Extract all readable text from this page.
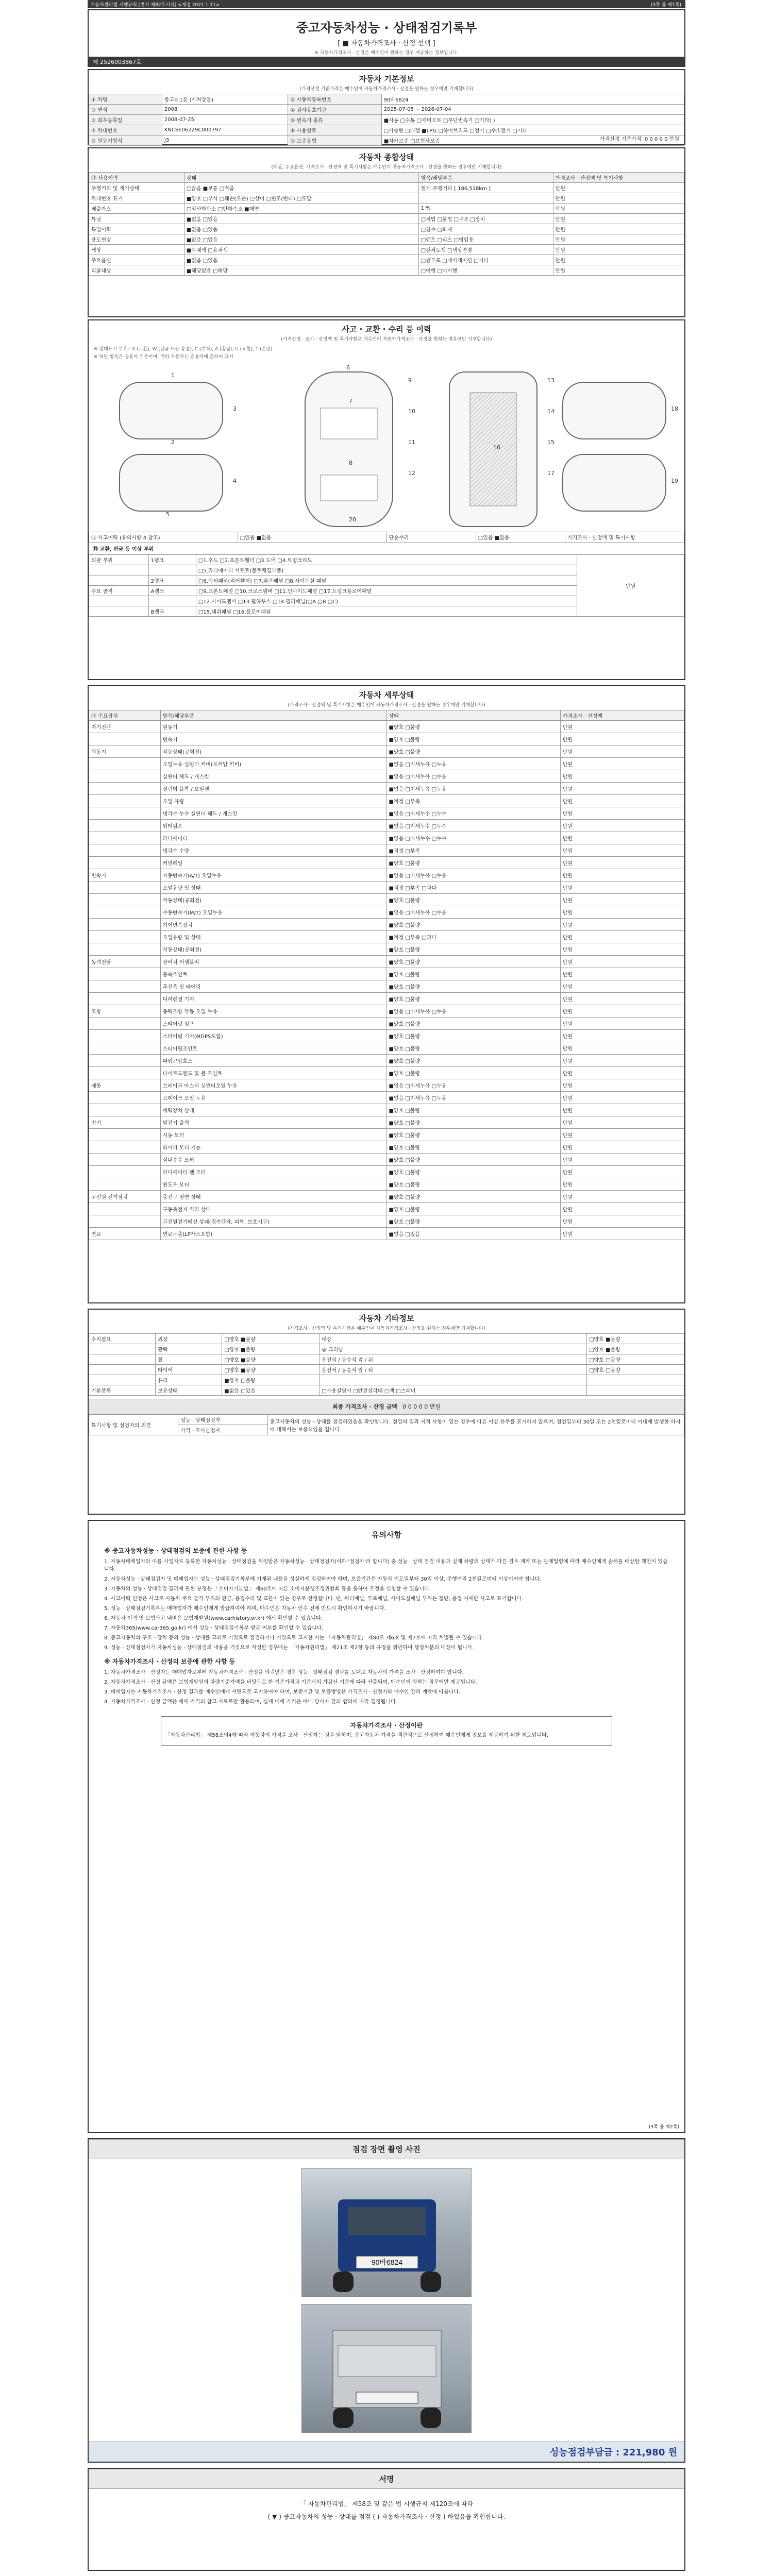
자동차관리법 시행규칙 [별지 제82호서식] <개정 2021.1.11>	(3쪽 중 제1쪽)
중고자동차성능 · 상태점검기록부
[ ■ 자동차가격조사 · 산정 선택 ]
※ 자동차가격조사 · 산정은 매수인이 원하는 경우 제공하는 정보입니다.
제 2526003867호
자동차 기본정보
(가격산정 기준가격은 매수인이 자동차가격조사 · 산정을 원하는 경우에만 기재합니다)
① 차명	봉고Ⅲ 1톤 (카쳐장물)	② 자동차등록번호	90바6824
③ 연식	2008	④ 검사유효기간	2025-07-05 ~ 2026-07-04
⑤ 최초등록일	2008-07-25	⑥ 변속기 종류	■자동 □수동 □세미오토 □무단변속기 □기타( )
⑦ 차대번호	KNCSE06229C000797	⑧ 사용연료	□가솔린 □디젤 ■LPG □하이브리드 □전기 □수소전기 □기타
⑨ 원동기형식	J3	⑩ 보증유형	■자가보증 □보험사보증	가격산정 기준가격 0 0 0 0 0 만원
자동차 종합상태
(색상, 주요옵션, 가격조사 · 산정액 및 특기사항은 매수인이 자동차가격조사 · 산정을 원하는 경우에만 기재합니다)
⑪ 사용이력	상태	항목/해당부품	가격조사 · 산정액 및 특기사항
주행거리 및 계기상태	□많음 ■보통 □적음	현재 주행거리 [ 186,518km ]	만원
차대번호 표기	■양호 □부식 □훼손(오손) □상이 □변조(변타) □도말		만원
배출가스	□일산화탄소 □탄화수소 ■매연	1 %	만원
튜닝	■없음 □있음	□적법 □불법 □구조 □장치	만원
특별이력	■없음 □있음	□침수 □화재	만원
용도변경	■없음 □있음	□렌트 □리스 □영업용	만원
색상	■무채색 □유채색	□전체도색 □색상변경	만원
주요옵션	■없음 □있음	□썬루프 □네비게이션 □기타	만원
리콜대상	■해당없음 □해당	□이행 □미이행	만원
사고 · 교환 · 수리 등 이력
(가격산정 · 조사 · 산정액 및 특기사항은 매수인이 자동차가격조사 · 산정을 원하는 경우에만 기재합니다)
※ 상태표시 부호 : X (교환), W (판금 또는 용접), C (부식), A (흠집), U (요철), T (손상)
※ 하단 항목은 승용차 기준이며, 기타 자동차는 승용차에 준하여 표시
1
2
3
4
5
6
7
8
9
10
11
12
13
14
15
16
17
18
19
20
⑫ 사고이력 (유의사항 4 참조)	□있음 ■없음	단순수리	□있음 ■없음	가격조사 · 산정액 및 특기사항
⑬ 교환, 판금 등 이상 부위
외판 부위	1랭크	□1.후드 □2.프론트휀더 □3.도어 □4.트렁크리드	만원
		□5.라디에이터 서포트(볼트체결부품)	
	2랭크	□6.쿼터패널(리어휀더) □7.루프패널 □8.사이드실 패널	
주요 골격	A랭크	□9.프론트패널 □10.크로스멤버 □11.인사이드패널 □17.트렁크플로어패널	
		□12.사이드멤버 □13.휠하우스 □14.필러패널(□A □B □C)	
	B랭크	□15.대쉬패널 □16.플로어패널	
자동차 세부상태
(가격조사 · 산정액 및 특기사항은 매수인이 자동차가격조사 · 산정을 원하는 경우에만 기재합니다)
⑭ 주요장치	항목/해당부품	상태	가격조사 · 산정액
자기진단	원동기	■양호 □불량	만원
	변속기	■양호 □불량	만원
원동기	작동상태(공회전)	■양호 □불량	만원
	오일누유 실린더 커버(로커암 커버)	■없음 □미세누유 □누유	만원
	실린더 헤드 / 개스킷	■없음 □미세누유 □누유	만원
	실린더 블록 / 오일팬	■없음 □미세누유 □누유	만원
	오일 유량	■적정 □부족	만원
	냉각수 누수 실린더 헤드 / 개스킷	■없음 □미세누수 □누수	만원
	워터펌프	■없음 □미세누수 □누수	만원
	라디에이터	■없음 □미세누수 □누수	만원
	냉각수 수량	■적정 □부족	만원
	커먼레일	■양호 □불량	만원
변속기	자동변속기(A/T) 오일누유	■없음 □미세누유 □누유	만원
	오일유량 및 상태	■적정 □부족 □과다	만원
	작동상태(공회전)	■양호 □불량	만원
	수동변속기(M/T) 오일누유	■없음 □미세누유 □누유	만원
	기어변속장치	■양호 □불량	만원
	오일유량 및 상태	■적정 □부족 □과다	만원
	작동상태(공회전)	■양호 □불량	만원
동력전달	클러치 어셈블리	■양호 □불량	만원
	등속조인트	■양호 □불량	만원
	추진축 및 베어링	■양호 □불량	만원
	디퍼렌셜 기어	■양호 □불량	만원
조향	동력조향 작동 오일 누유	■없음 □미세누유 □누유	만원
	스티어링 펌프	■양호 □불량	만원
	스티어링 기어(MDPS포함)	■양호 □불량	만원
	스티어링조인트	■양호 □불량	만원
	파워고압호스	■양호 □불량	만원
	타이로드엔드 및 볼 조인트	■양호 □불량	만원
제동	브레이크 마스터 실린더오일 누유	■없음 □미세누유 □누유	만원
	브레이크 오일 누유	■없음 □미세누유 □누유	만원
	배력장치 상태	■양호 □불량	만원
전기	발전기 출력	■양호 □불량	만원
	시동 모터	■양호 □불량	만원
	와이퍼 모터 기능	■양호 □불량	만원
	실내송풍 모터	■양호 □불량	만원
	라디에이터 팬 모터	■양호 □불량	만원
	윈도우 모터	■양호 □불량	만원
고전원 전기장치	충전구 절연 상태	■양호 □불량	만원
	구동축전지 격리 상태	■양호 □불량	만원
	고전원전기배선 상태(접속단자, 피복, 보호기구)	■양호 □불량	만원
연료	연료누출(LP가스포함)	■없음 □있음	만원
자동차 기타정보
(가격조사 · 산정액 및 특기사항은 매수인이 자동차가격조사 · 산정을 원하는 경우에만 기재합니다)
수리필요	외장	□양호 ■불량	내장	□양호 ■불량
	광택	□양호 ■불량	룸 크리닝	□양호 ■불량
	휠	□양호 ■불량	운전석 / 동승석 앞 / 뒤	□양호 □불량
	타이어	□양호 ■불량	운전석 / 동승석 앞 / 뒤	□양호 □불량
	유리	■양호 □불량		
기본품목	보유상태	■없음 □있음	□사용설명서 □안전삼각대 □잭 □스패너	
최종 가격조사 · 산정 금액 0 0 0 0 0 만원
특기사항 및 점검자의 의견	성능 · 상태점검자	중고자동차의 성능 · 상태를 점검하였음을 확인합니다. 점검의 결과 지적 사항이 없는 경우에 다른 이상 유무를 표시하지 않으며, 점검일부터 30일 또는 2천킬로미터 이내에 발생한 하자에 대해서는 보증책임을 집니다.
가격 · 조사산정자
유의사항
※ 중고자동차성능 · 상태점검의 보증에 관한 사항 등

1. 자동차매매업자와 이를 사업자로 등록한 자동차성능 · 상태점검을 위임받은 자동차성능 · 상태점검자(이하 '점검자'라 합니다) 중 성능 · 상태 점검 내용과 실제 차량의 상태가 다른 경우 계약 또는 관계법령에 따라 매수인에게 손해를 배상할 책임이 있습니다.

2. 자동차성능 · 상태점검자 및 매매업자는 성능 · 상태점검기록부에 기재된 내용을 성실하게 점검하여야 하며, 보증기간은 자동차 인도일부터 30일 이상, 주행거리 2천킬로미터 이상이어야 합니다.

3. 자동차의 성능 · 상태점검 결과에 관한 분쟁은 「소비자기본법」 제60조에 따른 소비자분쟁조정위원회 등을 통하여 조정을 신청할 수 있습니다.

4. 사고이력 인정은 사고로 자동차 주요 골격 부위의 판금, 용접수리 및 교환이 있는 경우로 한정합니다. 단, 쿼터패널, 루프패널, 사이드실패널 부위는 절단, 용접 시에만 사고로 표기합니다.

5. 성능 · 상태점검기록부는 매매업자가 매수인에게 발급하여야 하며, 매수인은 자동차 인수 전에 반드시 확인하시기 바랍니다.

6. 자동차 이력 및 보험사고 내역은 보험개발원(www.carhistory.or.kr) 에서 확인할 수 있습니다.

7. 자동차365(www.car365.go.kr) 에서 성능 · 상태점검기록부 발급 여부를 확인할 수 있습니다.

8. 중고자동차의 구조 · 장치 등의 성능 · 상태를 고의로 거짓으로 점검하거나 거짓으로 고지한 자는 「자동차관리법」 제80조 제6호 및 제7호에 따라 처벌될 수 있습니다.

9. 성능 · 상태점검자가 자동차성능 · 상태점검의 내용을 거짓으로 작성한 경우에는 「자동차관리법」 제21조 제2항 등의 규정을 위반하여 행정처분의 대상이 됩니다.

※ 자동차가격조사 · 산정의 보증에 관한 사항 등

1. 자동차가격조사 · 산정자는 매매업자로부터 자동차가격조사 · 산정을 의뢰받은 경우 성능 · 상태점검 결과를 토대로 자동차의 가격을 조사 · 산정하여야 합니다.

2. 자동차가격조사 · 산정 금액은 보험개발원의 차량기준가액을 바탕으로 한 기준가격과 기준서의 가감산 기준에 따라 산출되며, 매수인이 원하는 경우에만 제공됩니다.

3. 매매업자는 자동차가격조사 · 산정 결과를 매수인에게 서면으로 고지하여야 하며, 보증기간 및 보증방법은 가격조사 · 산정자와 매수인 간의 계약에 따릅니다.

4. 자동차가격조사 · 산정 금액은 매매 가격의 참고 자료로만 활용되며, 실제 매매 가격은 매매 당사자 간의 합의에 따라 결정됩니다.

자동차가격조사 · 산정이란

「자동차관리법」 제58조의4에 따라 자동차의 가격을 조사 · 산정하는 것을 말하며, 중고자동차 가격을 객관적으로 산정하여 매수인에게 정보를 제공하기 위한 제도입니다.

(3쪽 중 제2쪽)
점검 장면 촬영 사진
90바6824
성능점검부담금 : 221,980 원
서명
「 자동차관리법」 제58조 및 같은 법 시행규칙 제120조에 따라
( ▼ ) 중고자동차의 성능 · 상태를 점검 ( ) 자동차가격조사 · 산정 ) 하였음을 확인합니다.
